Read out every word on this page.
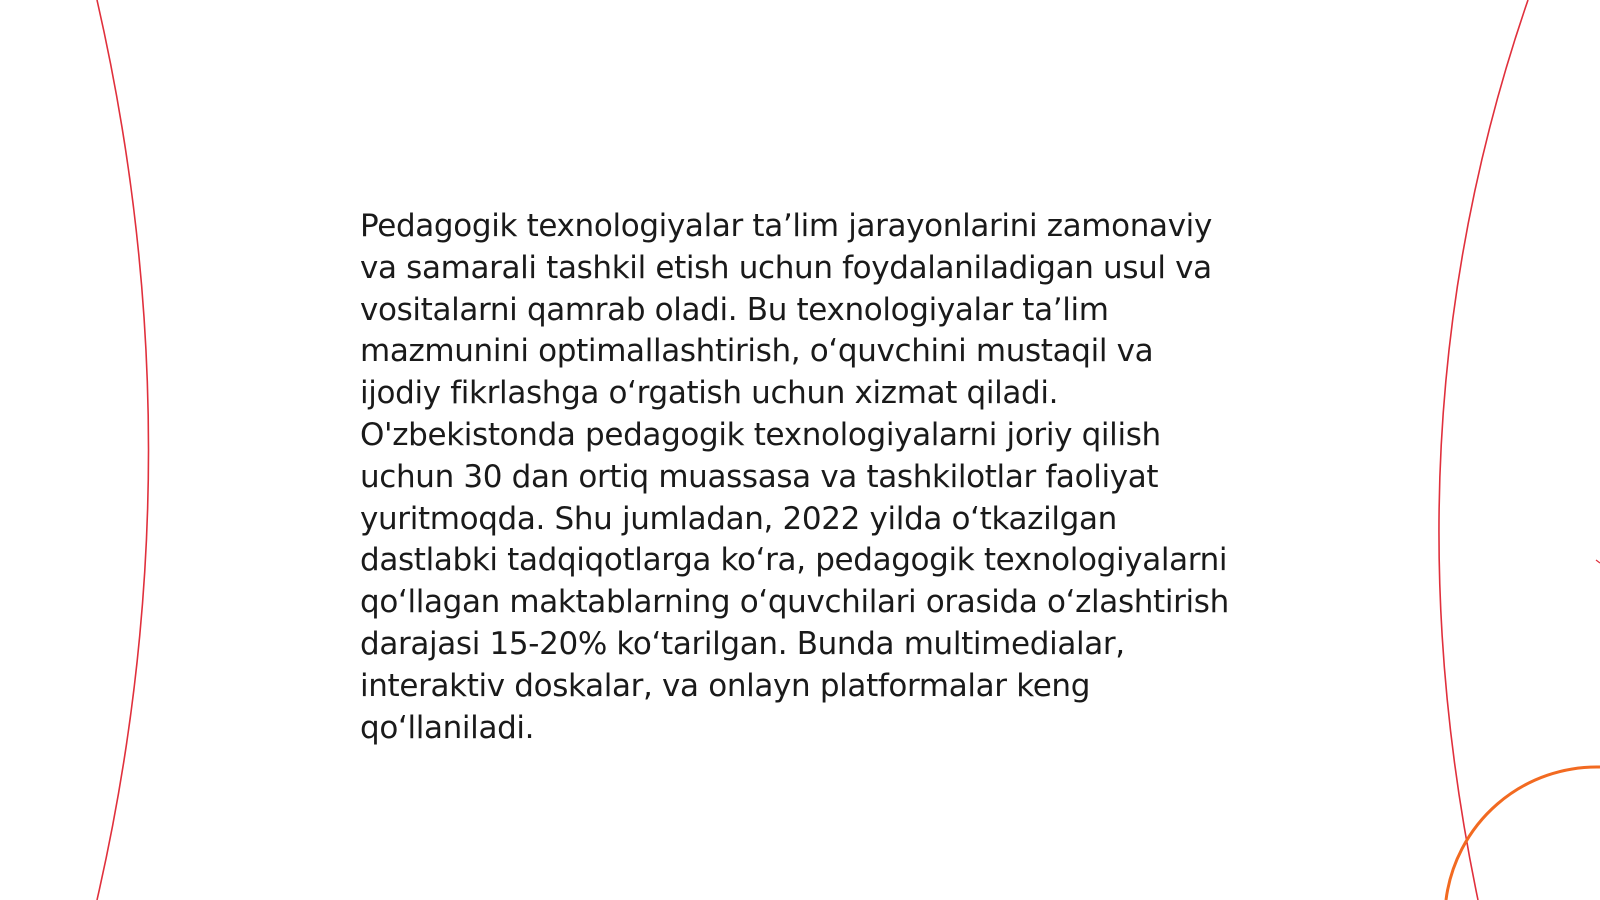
Pedagogik texnologiyalar ta’lim jarayonlarini zamonaviy va samarali tashkil etish uchun foydalaniladigan usul va vositalarni qamrab oladi. Bu texnologiyalar ta’lim mazmunini optimallashtirish, o‘quvchini mustaqil va ijodiy fikrlashga o‘rgatish uchun xizmat qiladi. O'zbekistonda pedagogik texnologiyalarni joriy qilish uchun 30 dan ortiq muassasa va tashkilotlar faoliyat yuritmoqda. Shu jumladan, 2022 yilda o‘tkazilgan dastlabki tadqiqotlarga ko‘ra, pedagogik texnologiyalarni qo‘llagan maktablarning o‘quvchilari orasida o‘zlashtirish darajasi 15-20% ko‘tarilgan. Bunda multimedialar, interaktiv doskalar, va onlayn platformalar keng qo‘llaniladi.
